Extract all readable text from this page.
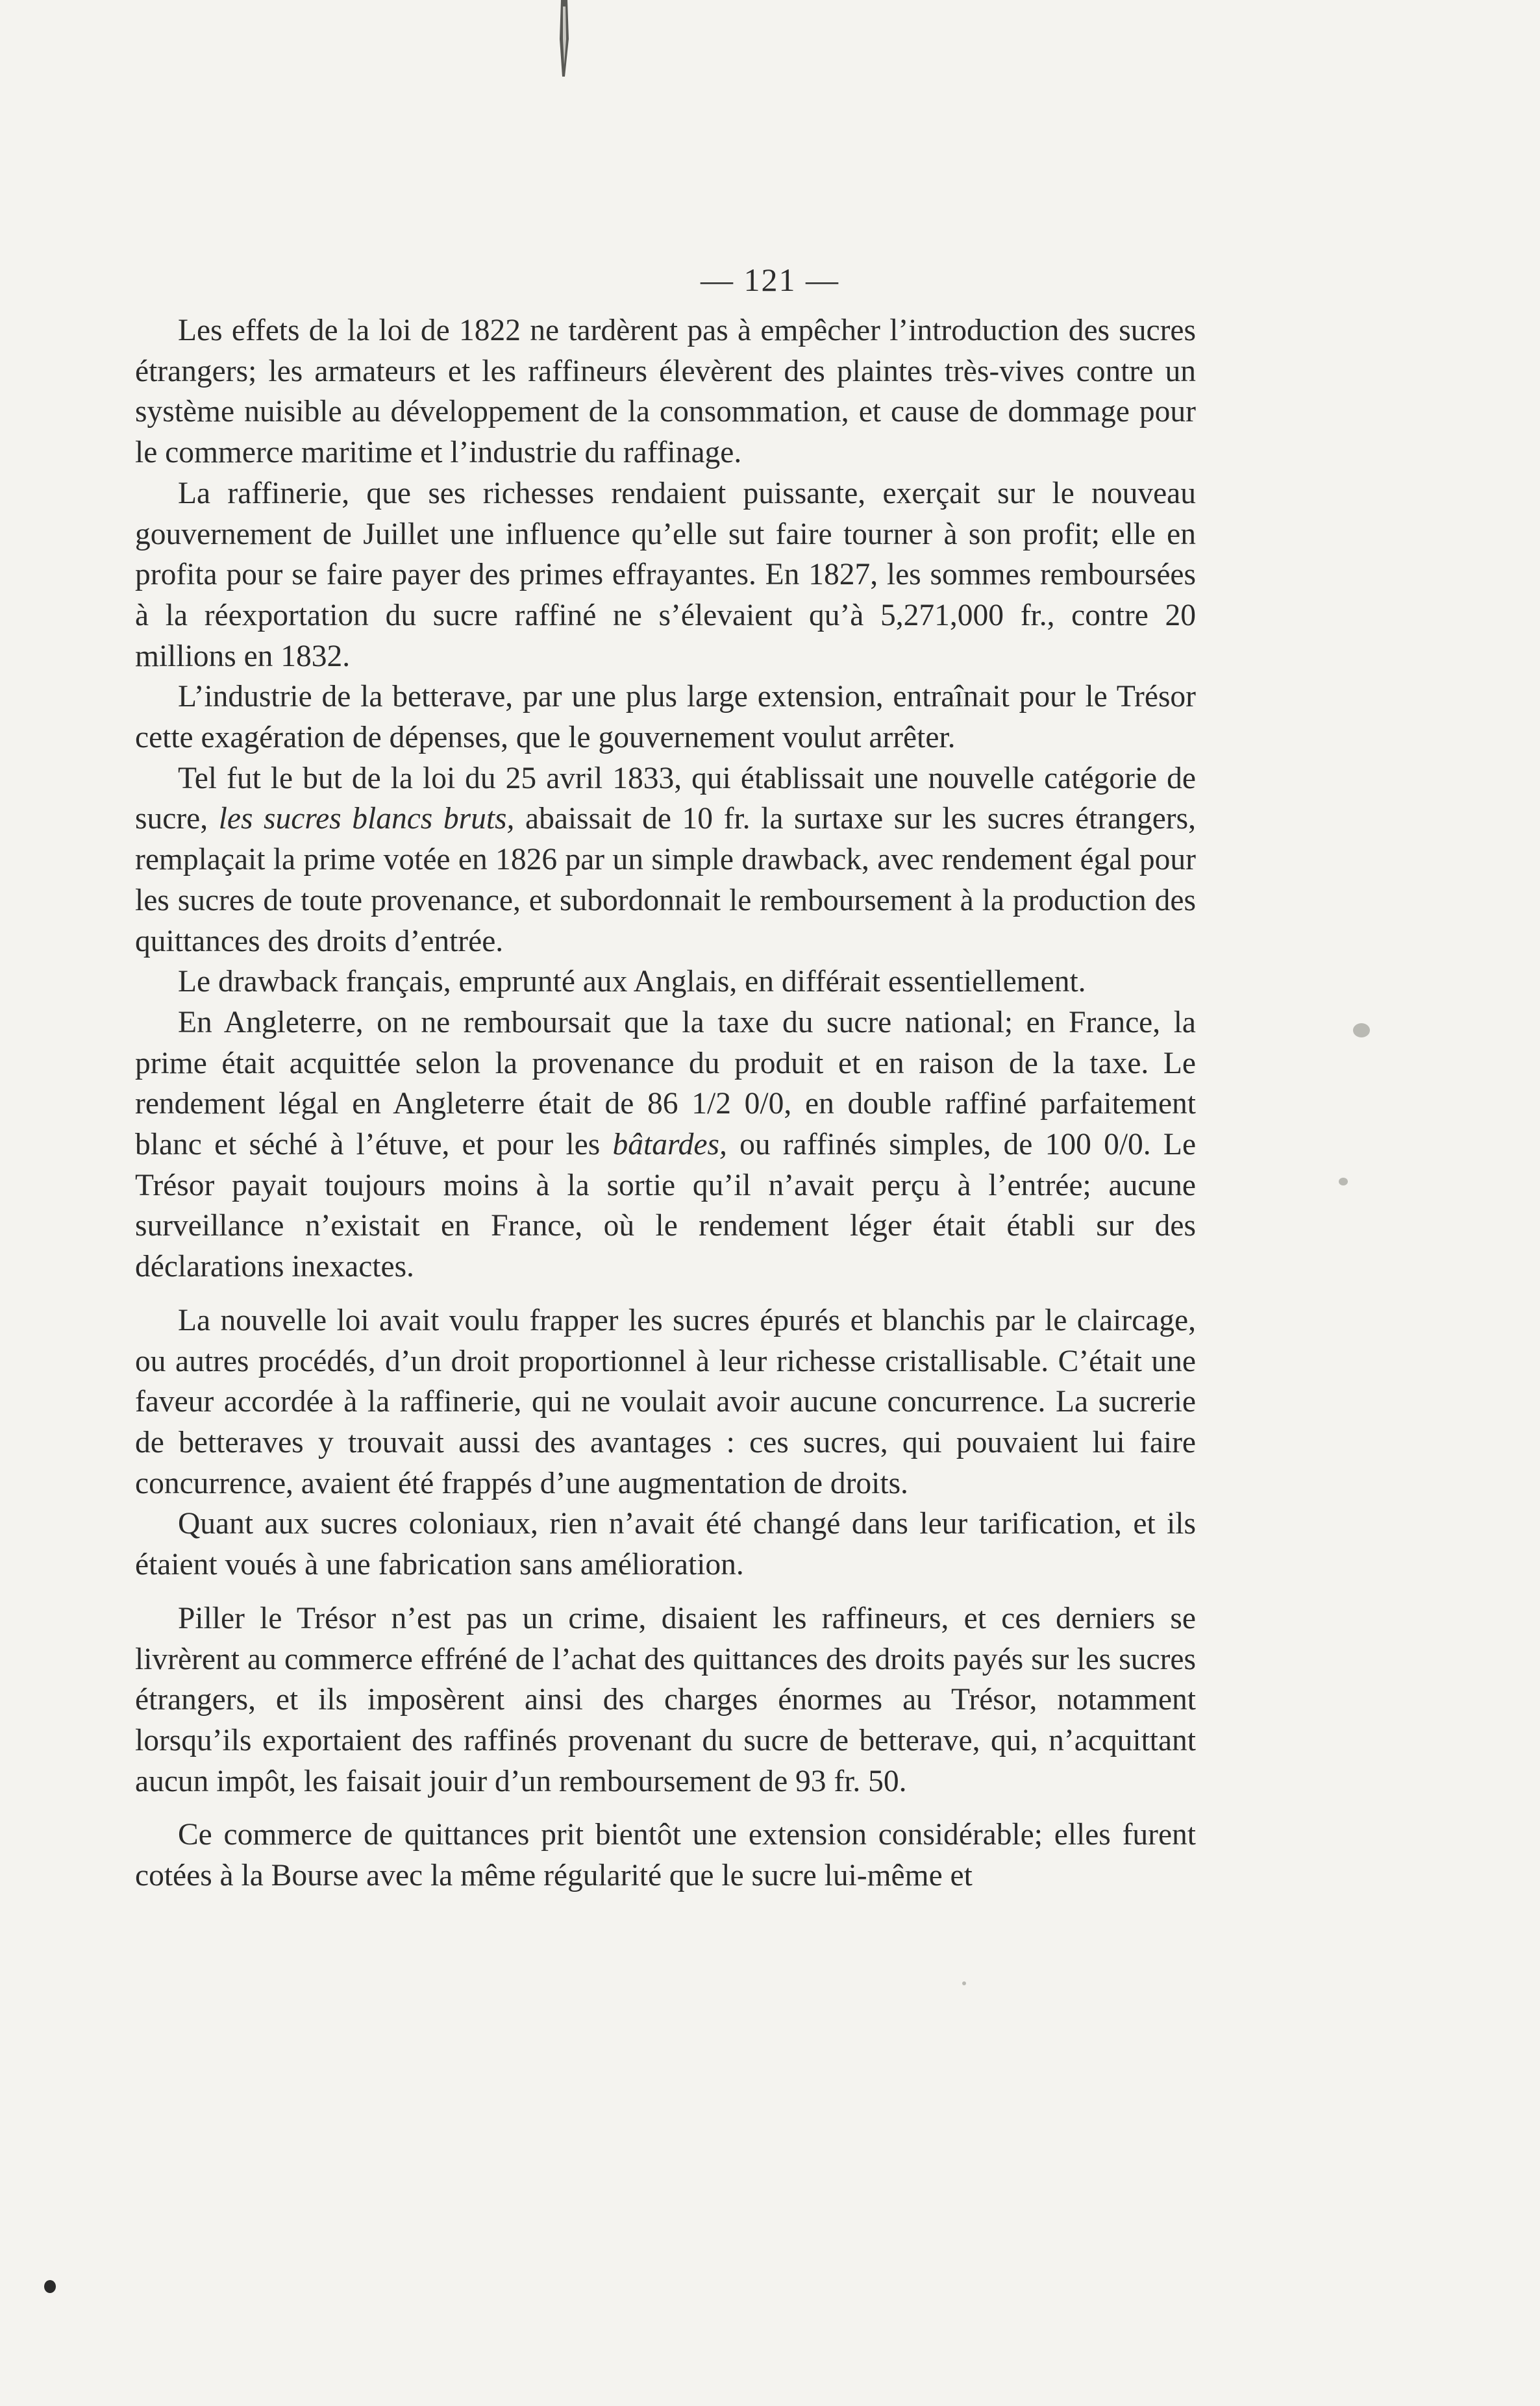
— 121 —

Les effets de la loi de 1822 ne tardèrent pas à empêcher l’introduction des sucres étrangers; les armateurs et les raffineurs élevèrent des plaintes très-vives contre un système nuisible au développement de la consommation, et cause de dommage pour le commerce maritime et l’industrie du raffinage.

La raffinerie, que ses richesses rendaient puissante, exerçait sur le nouveau gouvernement de Juillet une influence qu’elle sut faire tourner à son profit; elle en profita pour se faire payer des primes effrayantes. En 1827, les sommes remboursées à la réexportation du sucre raffiné ne s’élevaient qu’à 5,271,000 fr., contre 20 millions en 1832.

L’industrie de la betterave, par une plus large extension, entraînait pour le Trésor cette exagération de dépenses, que le gouvernement voulut arrêter.

Tel fut le but de la loi du 25 avril 1833, qui établissait une nouvelle catégorie de sucre, les sucres blancs bruts, abaissait de 10 fr. la surtaxe sur les sucres étrangers, remplaçait la prime votée en 1826 par un simple drawback, avec rendement égal pour les sucres de toute provenance, et subordonnait le remboursement à la production des quittances des droits d’entrée.

Le drawback français, emprunté aux Anglais, en différait essentiellement.

En Angleterre, on ne remboursait que la taxe du sucre national; en France, la prime était acquittée selon la provenance du produit et en raison de la taxe. Le rendement légal en Angleterre était de 86 1/2 0/0, en double raffiné parfaitement blanc et séché à l’étuve, et pour les bâtardes, ou raffinés simples, de 100 0/0. Le Trésor payait toujours moins à la sortie qu’il n’avait perçu à l’entrée; aucune surveillance n’existait en France, où le rendement léger était établi sur des déclarations inexactes.

La nouvelle loi avait voulu frapper les sucres épurés et blanchis par le claircage, ou autres procédés, d’un droit proportionnel à leur richesse cristallisable. C’était une faveur accordée à la raffinerie, qui ne voulait avoir aucune concurrence. La sucrerie de betteraves y trouvait aussi des avantages : ces sucres, qui pouvaient lui faire concurrence, avaient été frappés d’une augmentation de droits.

Quant aux sucres coloniaux, rien n’avait été changé dans leur tarification, et ils étaient voués à une fabrication sans amélioration.

Piller le Trésor n’est pas un crime, disaient les raffineurs, et ces derniers se livrèrent au commerce effréné de l’achat des quittances des droits payés sur les sucres étrangers, et ils imposèrent ainsi des charges énormes au Trésor, notamment lorsqu’ils exportaient des raffinés provenant du sucre de betterave, qui, n’acquittant aucun impôt, les faisait jouir d’un remboursement de 93 fr. 50.

Ce commerce de quittances prit bientôt une extension considérable; elles furent cotées à la Bourse avec la même régularité que le sucre lui-même et
